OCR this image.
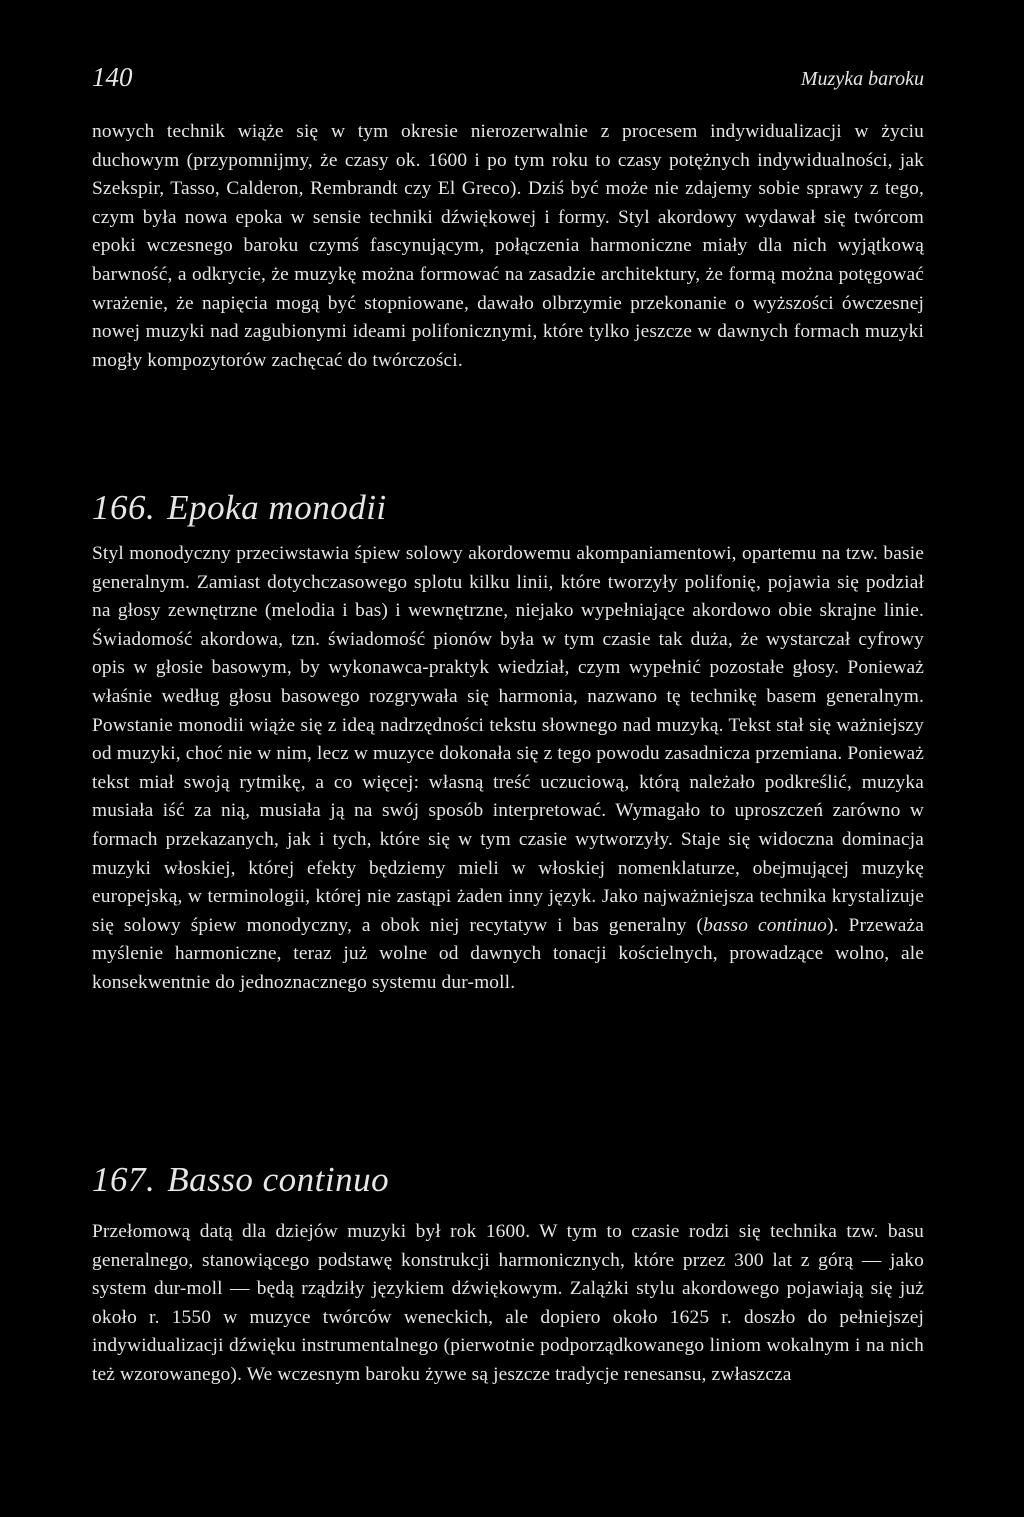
140	Muzyka baroku

nowych technik wiąże się w tym okresie nierozerwalnie z procesem indywidualizacji w życiu duchowym (przypomnijmy, że czasy ok. 1600 i po tym roku to czasy potężnych indywidualności, jak Szekspir, Tasso, Calderon, Rembrandt czy El Greco). Dziś być może nie zdajemy sobie sprawy z tego, czym była nowa epoka w sensie techniki dźwiękowej i formy. Styl akordowy wydawał się twórcom epoki wczesnego baroku czymś fascynującym, połączenia harmoniczne miały dla nich wyjątkową barwność, a odkrycie, że muzykę można formować na zasadzie architektury, że formą można potęgować wrażenie, że napięcia mogą być stopniowane, dawało olbrzymie przekonanie o wyższości ówczesnej nowej muzyki nad zagubionymi ideami polifonicznymi, które tylko jeszcze w dawnych formach muzyki mogły kompozytorów zachęcać do twórczości.

166. Epoka monodii

Styl monodyczny przeciwstawia śpiew solowy akordowemu akompaniamentowi, opartemu na tzw. basie generalnym. Zamiast dotychczasowego splotu kilku linii, które tworzyły polifonię, pojawia się podział na głosy zewnętrzne (melodia i bas) i wewnętrzne, niejako wypełniające akordowo obie skrajne linie. Świadomość akordowa, tzn. świadomość pionów była w tym czasie tak duża, że wystarczał cyfrowy opis w głosie basowym, by wykonawca-praktyk wiedział, czym wypełnić pozostałe głosy. Ponieważ właśnie według głosu basowego rozgrywała się harmonia, nazwano tę technikę basem generalnym. Powstanie monodii wiąże się z ideą nadrzędności tekstu słownego nad muzyką. Tekst stał się ważniejszy od muzyki, choć nie w nim, lecz w muzyce dokonała się z tego powodu zasadnicza przemiana. Ponieważ tekst miał swoją rytmikę, a co więcej: własną treść uczuciową, którą należało podkreślić, muzyka musiała iść za nią, musiała ją na swój sposób interpretować. Wymagało to uproszczeń zarówno w formach przekazanych, jak i tych, które się w tym czasie wytworzyły. Staje się widoczna dominacja muzyki włoskiej, której efekty będziemy mieli w włoskiej nomenklaturze, obejmującej muzykę europejską, w terminologii, której nie zastąpi żaden inny język. Jako najważniejsza technika krystalizuje się solowy śpiew monodyczny, a obok niej recytatyw i bas generalny (basso continuo). Przeważa myślenie harmoniczne, teraz już wolne od dawnych tonacji kościelnych, prowadzące wolno, ale konsekwentnie do jednoznacznego systemu dur-moll.

167. Basso continuo

Przełomową datą dla dziejów muzyki był rok 1600. W tym to czasie rodzi się technika tzw. basu generalnego, stanowiącego podstawę konstrukcji harmonicznych, które przez 300 lat z górą — jako system dur-moll — będą rządziły językiem dźwiękowym. Zalążki stylu akordowego pojawiają się już około r. 1550 w muzyce twórców weneckich, ale dopiero około 1625 r. doszło do pełniejszej indywidualizacji dźwięku instrumentalnego (pierwotnie podporządkowanego liniom wokalnym i na nich też wzorowanego). We wczesnym baroku żywe są jeszcze tradycje renesansu, zwłaszcza
